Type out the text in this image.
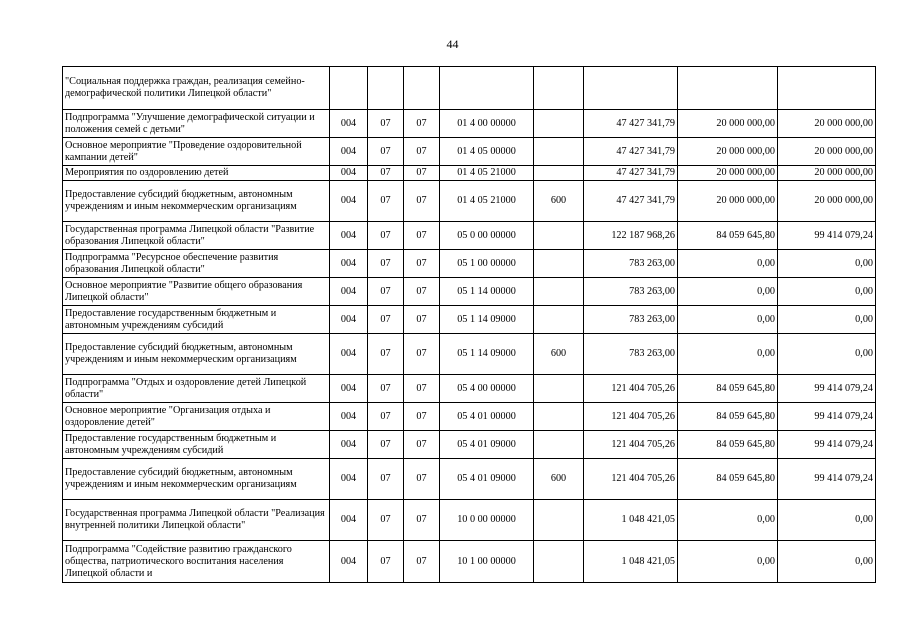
44
"Социальная поддержка граждан, реализация семейно-демографической политики Липецкой области"								
Подпрограмма "Улучшение демографической ситуации и положения семей с детьми"	004	07	07	01 4 00 00000		47 427 341,79	20 000 000,00	20 000 000,00
Основное мероприятие "Проведение оздоровительной кампании детей"	004	07	07	01 4 05 00000		47 427 341,79	20 000 000,00	20 000 000,00
Мероприятия по оздоровлению детей	004	07	07	01 4 05 21000		47 427 341,79	20 000 000,00	20 000 000,00
Предоставление субсидий бюджетным, автономным учреждениям и иным некоммерческим организациям	004	07	07	01 4 05 21000	600	47 427 341,79	20 000 000,00	20 000 000,00
Государственная программа Липецкой области "Развитие образования Липецкой области"	004	07	07	05 0 00 00000		122 187 968,26	84 059 645,80	99 414 079,24
Подпрограмма "Ресурсное обеспечение развития образования Липецкой области"	004	07	07	05 1 00 00000		783 263,00	0,00	0,00
Основное мероприятие "Развитие общего образования Липецкой области"	004	07	07	05 1 14 00000		783 263,00	0,00	0,00
Предоставление государственным бюджетным и автономным учреждениям субсидий	004	07	07	05 1 14 09000		783 263,00	0,00	0,00
Предоставление субсидий бюджетным, автономным учреждениям и иным некоммерческим организациям	004	07	07	05 1 14 09000	600	783 263,00	0,00	0,00
Подпрограмма "Отдых и оздоровление детей Липецкой области"	004	07	07	05 4 00 00000		121 404 705,26	84 059 645,80	99 414 079,24
Основное мероприятие "Организация отдыха и оздоровление детей"	004	07	07	05 4 01 00000		121 404 705,26	84 059 645,80	99 414 079,24
Предоставление государственным бюджетным и автономным учреждениям субсидий	004	07	07	05 4 01 09000		121 404 705,26	84 059 645,80	99 414 079,24
Предоставление субсидий бюджетным, автономным учреждениям и иным некоммерческим организациям	004	07	07	05 4 01 09000	600	121 404 705,26	84 059 645,80	99 414 079,24
Государственная программа Липецкой области "Реализация внутренней политики Липецкой области"	004	07	07	10 0 00 00000		1 048 421,05	0,00	0,00
Подпрограмма "Содействие развитию гражданского общества, патриотического воспитания населения Липецкой области и	004	07	07	10 1 00 00000		1 048 421,05	0,00	0,00
